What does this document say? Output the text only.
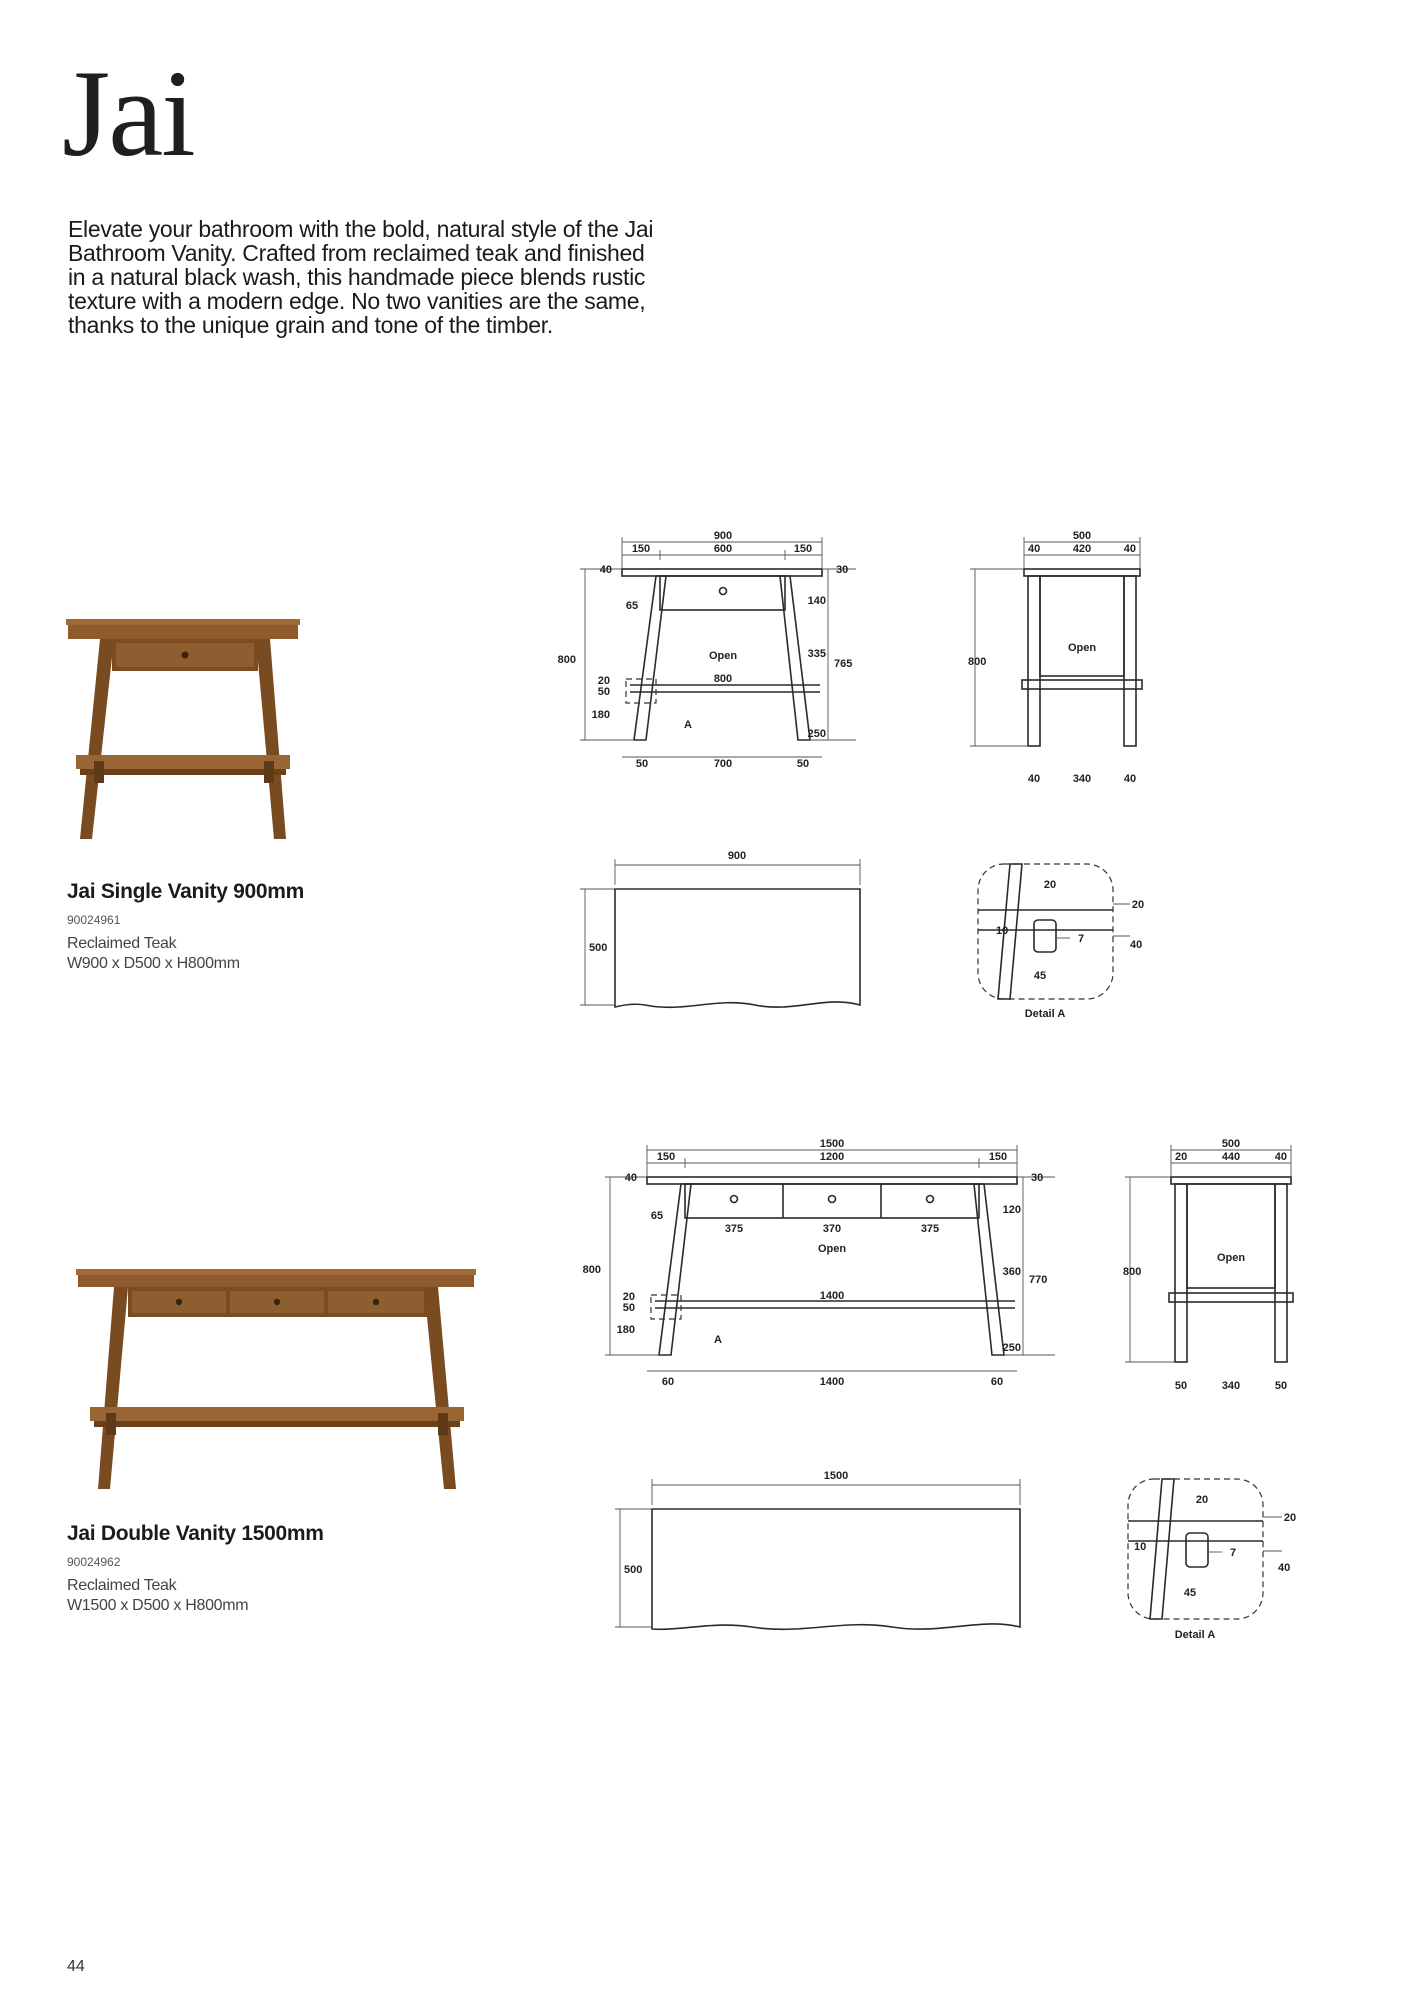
Jai
Elevate your bathroom with the bold, natural style of the Jai
Bathroom Vanity. Crafted from reclaimed teak and finished
in a natural black wash, this handmade piece blends rustic
texture with a modern edge. No two vanities are the same,
thanks to the unique grain and tone of the timber.
Jai Single Vanity 900mm
90024961
Reclaimed Teak
W900 x D500 x H800mm
900
600
150	150
800
40
65
20
50
180
Open
800
A
30
140
335
765
250
50	700	50
500
420
40	40
800
Open
40	340	40
900
500
20
20
10
7	40
45
Detail A
Jai Double Vanity 1500mm
90024962
Reclaimed Teak
W1500 x D500 x H800mm
1500
1200
150	150
375	370	375
800
40
65
20
50
180
Open
1400
A
30
120
360
770
250
60	1400	60
500
440
20	40
800
Open
50	340	50
1500
500
20
20
10	7
40
45
Detail A
44
